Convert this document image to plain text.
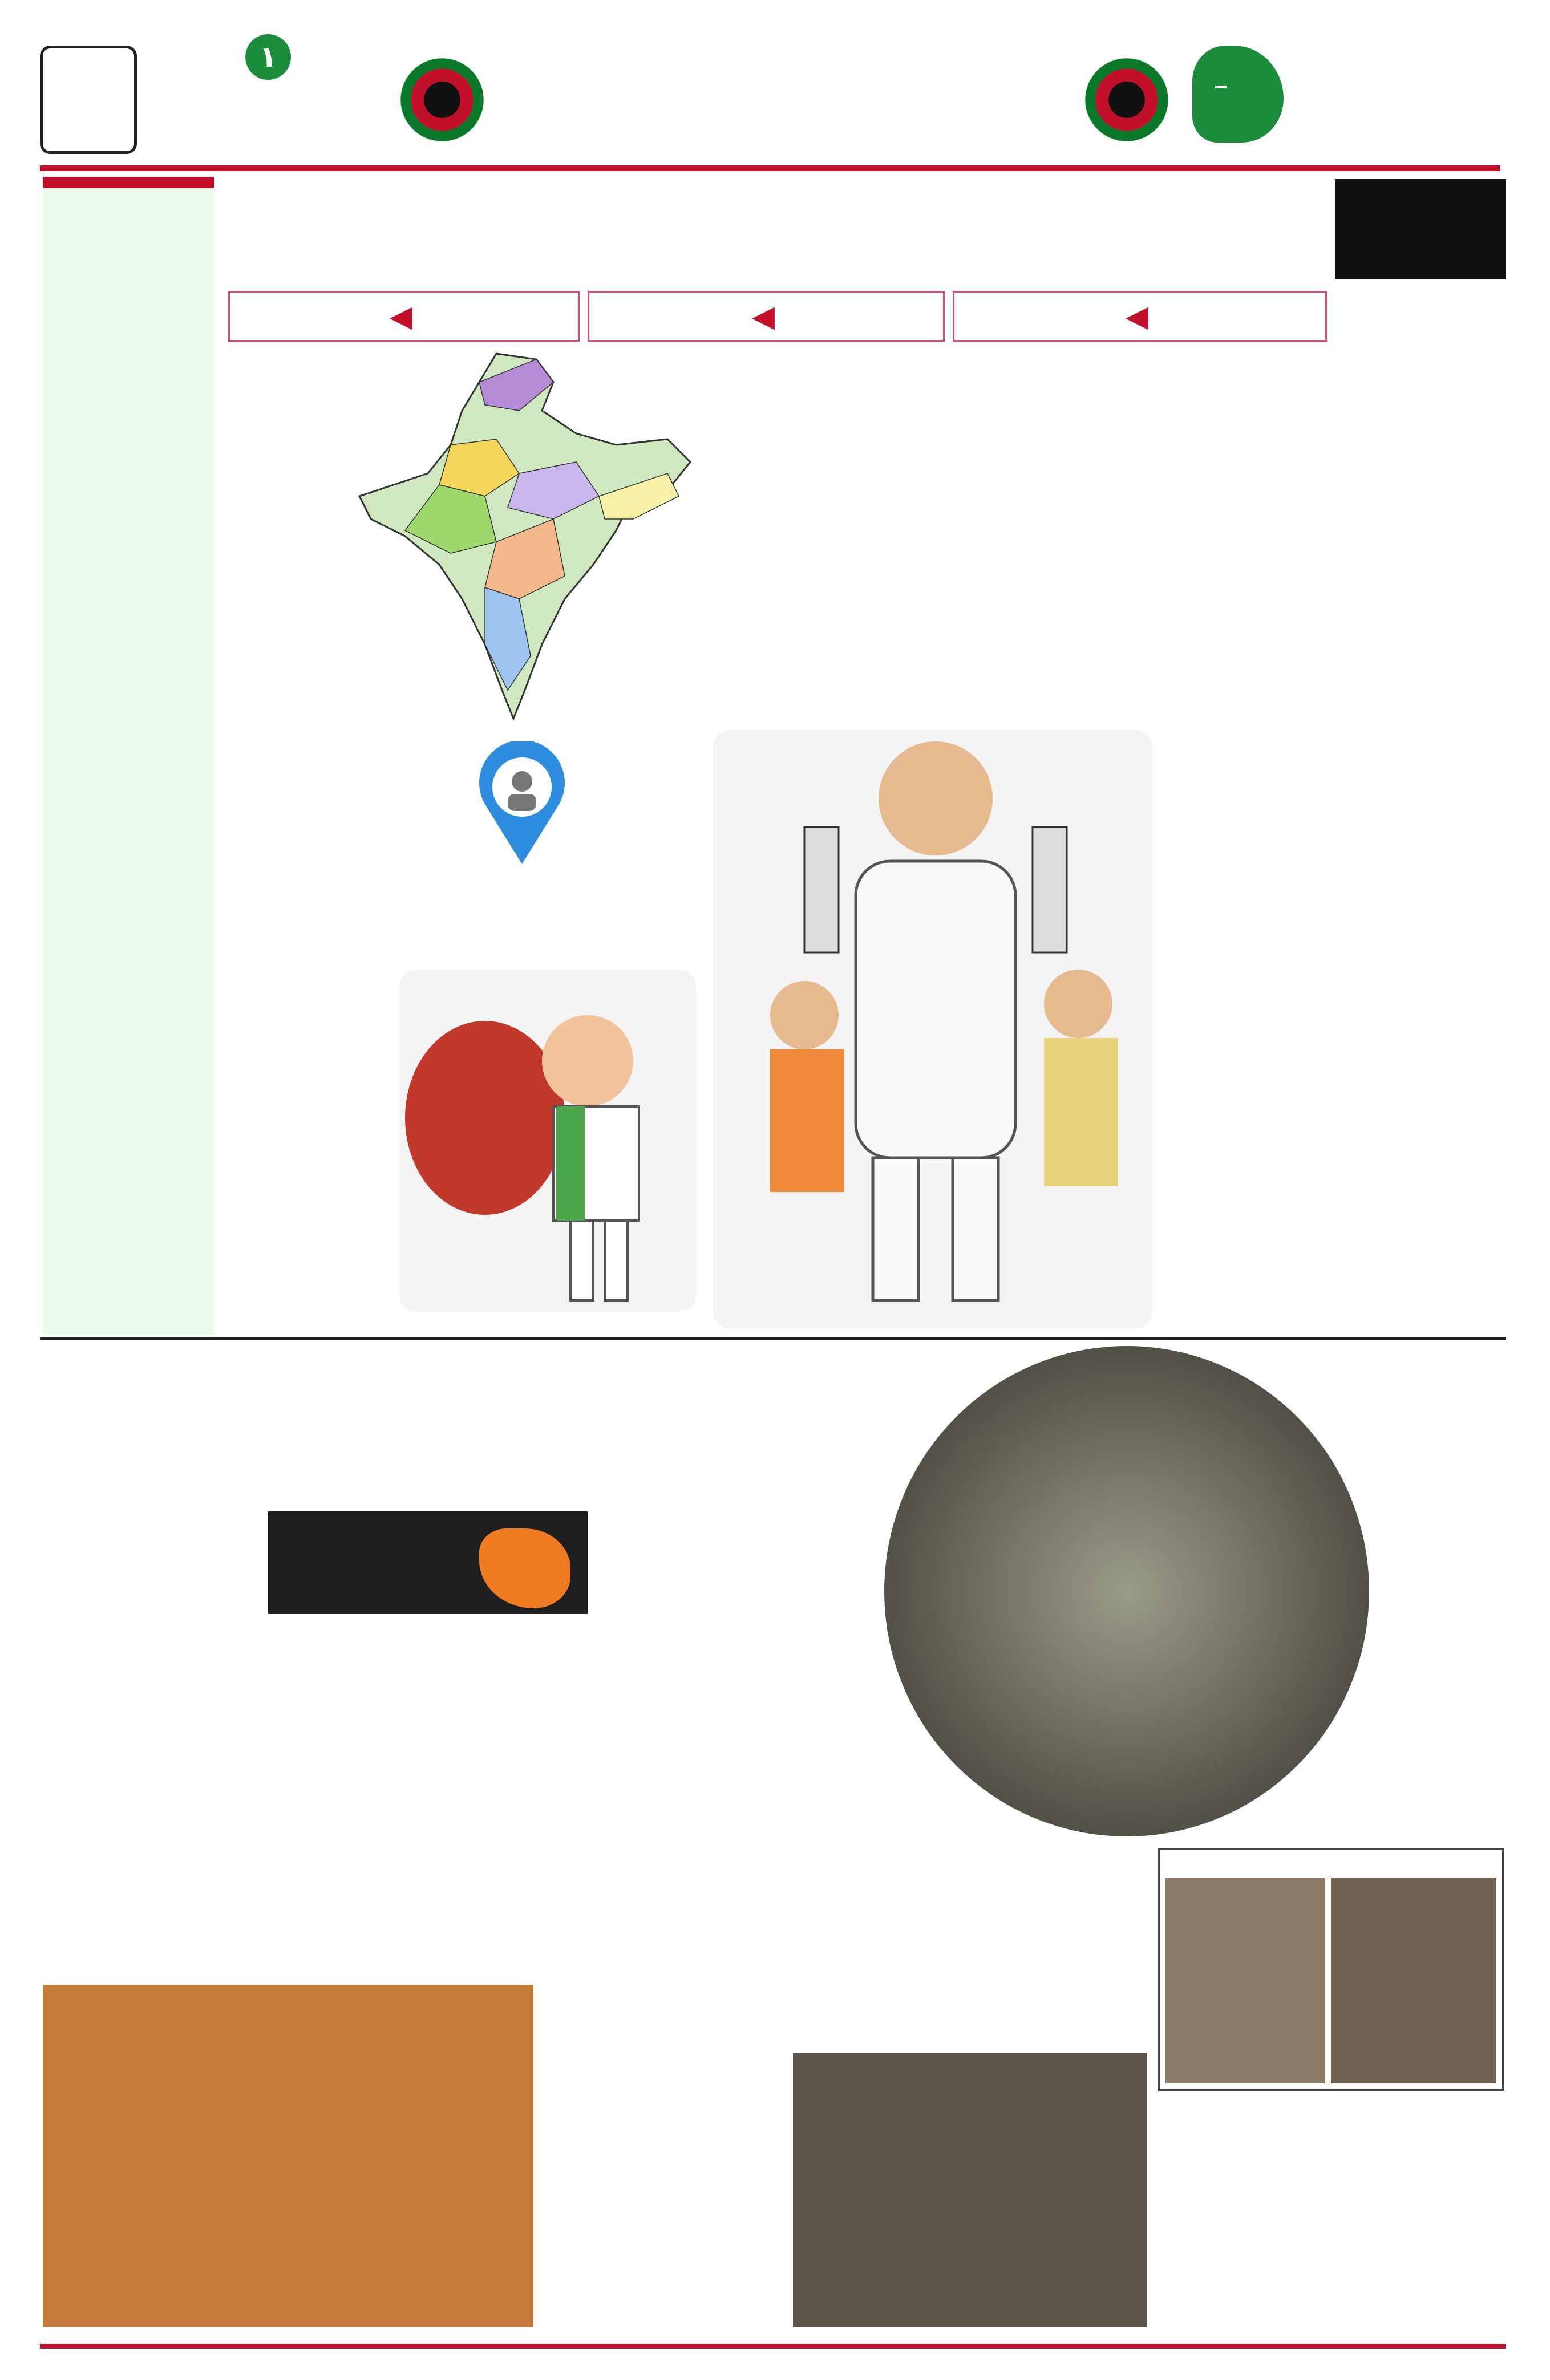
١
◀
◀
◀
